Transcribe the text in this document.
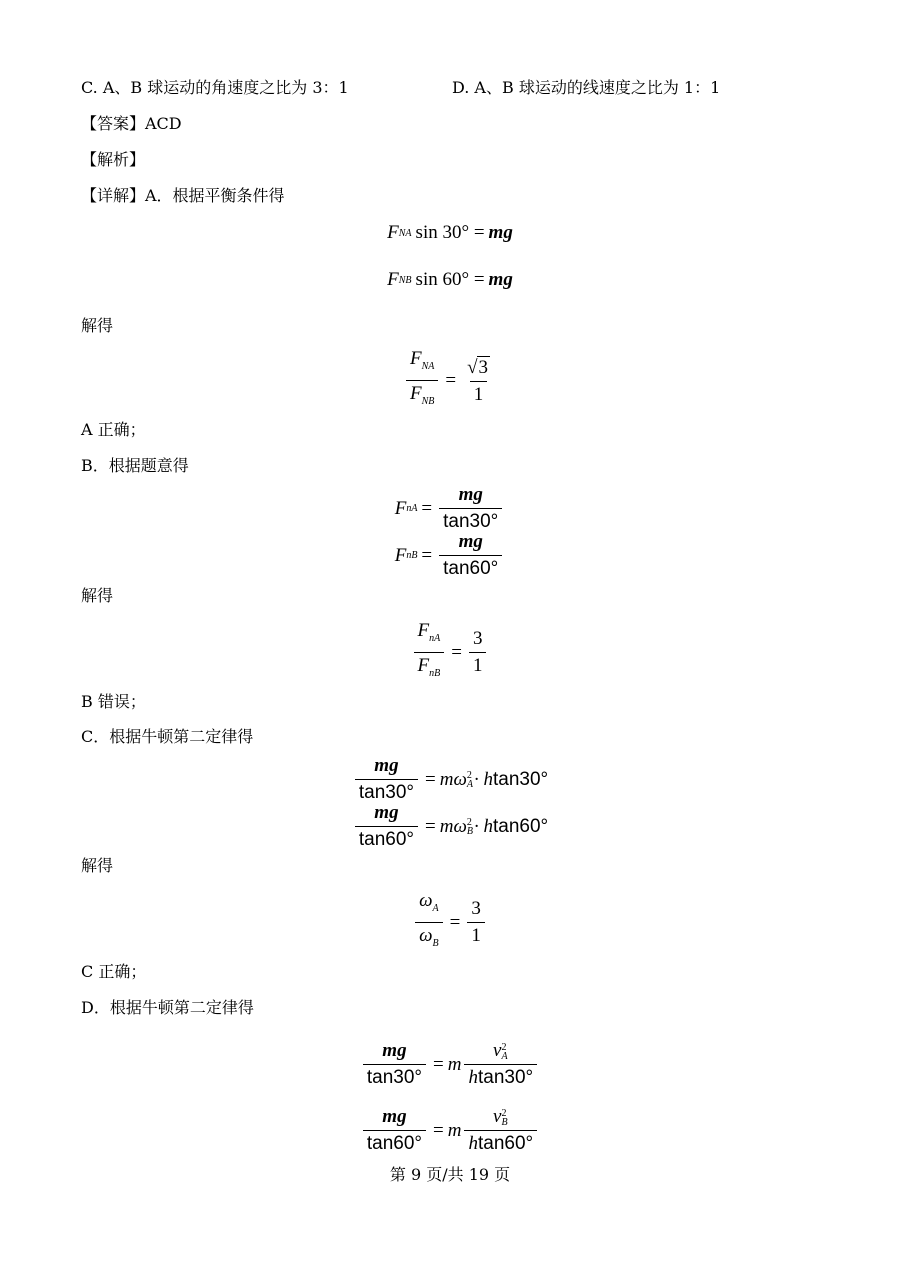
C. A、B 球运动的角速度之比为 3：1	D. A、B 球运动的线速度之比为 1：1
【答案】ACD
【解析】
【详解】A．根据平衡条件得
F NA sin 30° = mg
F NB sin 60° = mg
解得
$\frac{F_{NA}}{F_{NB}} = \frac{√ 3}{1}$
A 正确；
B．根据题意得
F nA = $\frac{mg}{\tan 30^\circ}$
F nB = $\frac{mg}{\tan 60^\circ}$
解得
$\frac{F_{nA}}{F_{nB}} = \frac{3}{1}$
B 错误；
C．根据牛顿第二定律得
$\frac{mg}{\tan 30^\circ} = m\omega$ 2
A · h tan30°
$\frac{mg}{\tan 60^\circ} = m\omega$ 2
B · h tan60°
解得
$\frac{\omega_A}{\omega_B} = \frac{3}{1}$
C 正确；
D．根据牛顿第二定律得
$\frac{mg}{\tan 30^\circ} = m$ v 2
A
htan30°
$\frac{mg}{\tan 60^\circ} = m$ v 2
B
htan60°
第 9 页/共 19 页
